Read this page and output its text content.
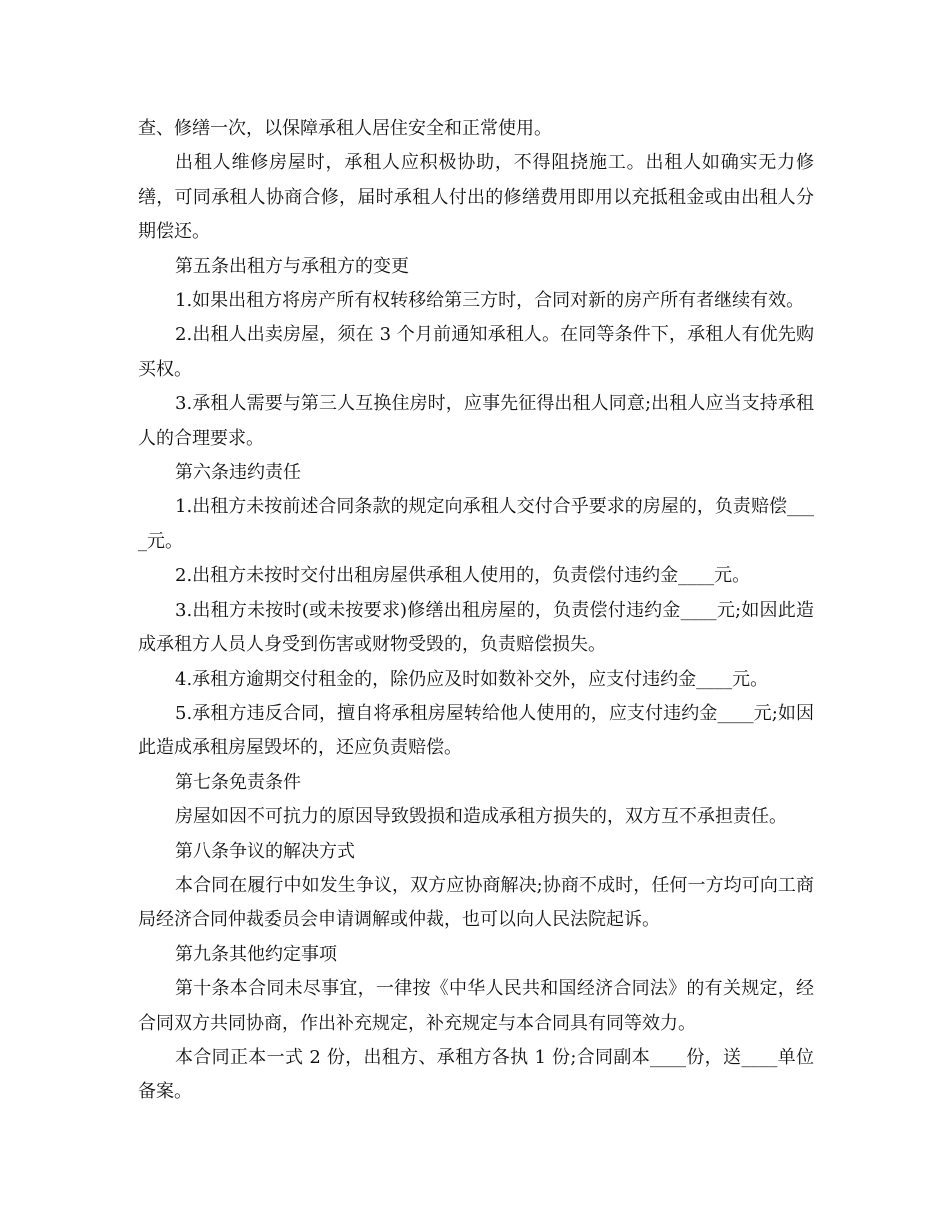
查、修缮一次，以保障承租人居住安全和正常使用。

出租人维修房屋时，承租人应积极协助，不得阻挠施工。出租人如确实无力修缮，可同承租人协商合修，届时承租人付出的修缮费用即用以充抵租金或由出租人分期偿还。

第五条出租方与承租方的变更

1.如果出租方将房产所有权转移给第三方时，合同对新的房产所有者继续有效。

2.出租人出卖房屋，须在 3 个月前通知承租人。在同等条件下，承租人有优先购买权。

3.承租人需要与第三人互换住房时，应事先征得出租人同意;出租人应当支持承租人的合理要求。

第六条违约责任

1.出租方未按前述合同条款的规定向承租人交付合乎要求的房屋的，负责赔偿____元。

2.出租方未按时交付出租房屋供承租人使用的，负责偿付违约金____元。

3.出租方未按时(或未按要求)修缮出租房屋的，负责偿付违约金____元;如因此造成承租方人员人身受到伤害或财物受毁的，负责赔偿损失。

4.承租方逾期交付租金的，除仍应及时如数补交外，应支付违约金____元。

5.承租方违反合同，擅自将承租房屋转给他人使用的，应支付违约金____元;如因此造成承租房屋毁坏的，还应负责赔偿。

第七条免责条件

房屋如因不可抗力的原因导致毁损和造成承租方损失的，双方互不承担责任。

第八条争议的解决方式

本合同在履行中如发生争议，双方应协商解决;协商不成时，任何一方均可向工商局经济合同仲裁委员会申请调解或仲裁，也可以向人民法院起诉。

第九条其他约定事项

第十条本合同未尽事宜，一律按《中华人民共和国经济合同法》的有关规定，经合同双方共同协商，作出补充规定，补充规定与本合同具有同等效力。

本合同正本一式 2 份，出租方、承租方各执 1 份;合同副本____份，送____单位备案。
